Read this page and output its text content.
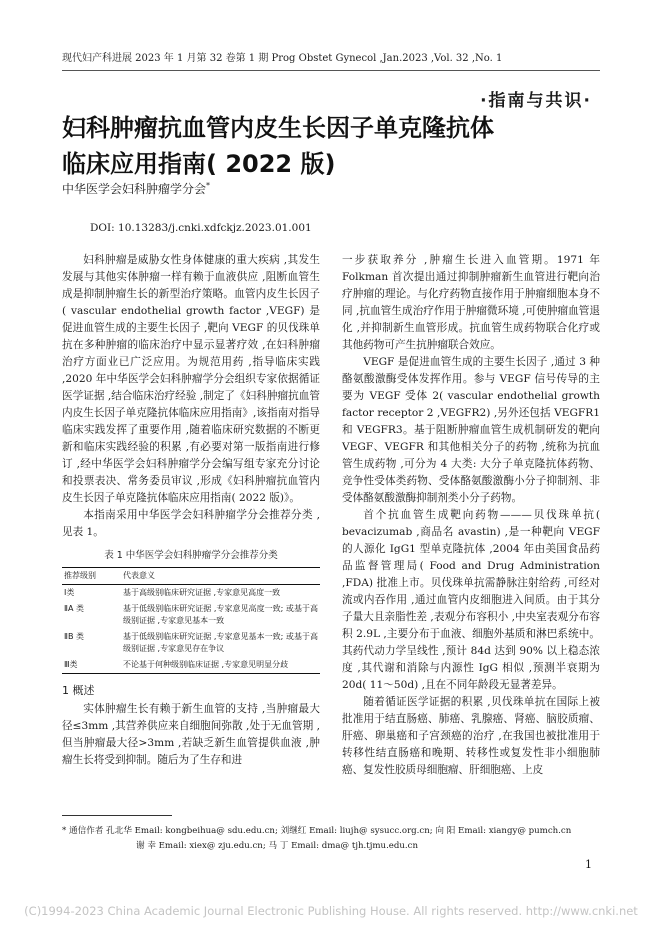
现代妇产科进展 2023 年 1 月第 32 卷第 1 期 Prog Obstet Gynecol ,Jan.2023 ,Vol. 32 ,No. 1
·指南与共识·
妇科肿瘤抗血管内皮生长因子单克隆抗体
临床应用指南( 2022 版)
中华医学会妇科肿瘤学分会*
DOI: 10.13283/j.cnki.xdfckjz.2023.01.001

妇科肿瘤是威胁女性身体健康的重大疾病 ,其发生发展与其他实体肿瘤一样有赖于血液供应 ,阻断血管生成是抑制肿瘤生长的新型治疗策略。血管内皮生长因子( vascular endothelial growth factor ,VEGF) 是促进血管生成的主要生长因子 ,靶向 VEGF 的贝伐珠单抗在多种肿瘤的临床治疗中显示显著疗效 ,在妇科肿瘤治疗方面业已广泛应用。为规范用药 ,指导临床实践 ,2020 年中华医学会妇科肿瘤学分会组织专家依据循证医学证据 ,结合临床治疗经验 ,制定了《妇科肿瘤抗血管内皮生长因子单克隆抗体临床应用指南》,该指南对指导临床实践发挥了重要作用 ,随着临床研究数据的不断更新和临床实践经验的积累 ,有必要对第一版指南进行修订 ,经中华医学会妇科肿瘤学分会编写组专家充分讨论和投票表决、常务委员审议 ,形成《妇科肿瘤抗血管内皮生长因子单克隆抗体临床应用指南( 2022 版)》。

本指南采用中华医学会妇科肿瘤学分会推荐分类 ,见表 1。

表 1 中华医学会妇科肿瘤学分会推荐分类
推荐级别	代表意义
Ⅰ类	基于高级别临床研究证据 ,专家意见高度一致
ⅡA 类	基于低级别临床研究证据 ,专家意见高度一致; 或基于高级别证据 ,专家意见基本一致
ⅡB 类	基于低级别临床研究证据 ,专家意见基本一致; 或基于高级别证据 ,专家意见存在争议
Ⅲ类	不论基于何种级别临床证据 ,专家意见明显分歧
1 概述

实体肿瘤生长有赖于新生血管的支持 ,当肿瘤最大径≤3mm ,其营养供应来自细胞间弥散 ,处于无血管期 ,但当肿瘤最大径>3mm ,若缺乏新生血管提供血液 ,肿瘤生长将受到抑制。随后为了生存和进

一步获取养分 ,肿瘤生长进入血管期。1971 年 Folkman 首次提出通过抑制肿瘤新生血管进行靶向治疗肿瘤的理论。与化疗药物直接作用于肿瘤细胞本身不同 ,抗血管生成治疗作用于肿瘤微环境 ,可使肿瘤血管退化 ,并抑制新生血管形成。抗血管生成药物联合化疗或其他药物可产生抗肿瘤联合效应。

VEGF 是促进血管生成的主要生长因子 ,通过 3 种酪氨酸激酶受体发挥作用。参与 VEGF 信号传导的主要为 VEGF 受体 2( vascular endothelial growth factor receptor 2 ,VEGFR2) ,另外还包括 VEGFR1 和 VEGFR3。基于阻断肿瘤血管生成机制研发的靶向 VEGF、VEGFR 和其他相关分子的药物 ,统称为抗血管生成药物 ,可分为 4 大类: 大分子单克隆抗体药物、竞争性受体类药物、受体酪氨酸激酶小分子抑制剂、非受体酪氨酸激酶抑制剂类小分子药物。

首个抗血管生成靶向药物———贝伐珠单抗( bevacizumab ,商品名 avastin) ,是一种靶向 VEGF 的人源化 IgG1 型单克隆抗体 ,2004 年由美国食品药品监督管理局( Food and Drug Administration ,FDA) 批准上市。贝伐珠单抗需静脉注射给药 ,可经对流或内吞作用 ,通过血管内皮细胞进入间质。由于其分子量大且亲脂性差 ,表观分布容积小 ,中央室表观分布容积 2.9L ,主要分布于血液、细胞外基质和淋巴系统中。其药代动力学呈线性 ,预计 84d 达到 90% 以上稳态浓度 ,其代谢和消除与内源性 IgG 相似 ,预测半衰期为 20d( 11～50d) ,且在不同年龄段无显著差异。

随着循证医学证据的积累 ,贝伐珠单抗在国际上被批准用于结直肠癌、肺癌、乳腺癌、肾癌、脑胶质瘤、肝癌、卵巢癌和子宫颈癌的治疗 ,在我国也被批准用于转移性结直肠癌和晚期、转移性或复发性非小细胞肺癌、复发性胶质母细胞瘤、肝细胞癌、上皮

* 通信作者 孔北华 Email: kongbeihua@ sdu.edu.cn; 刘继红 Email: liujh@ sysucc.org.cn; 向 阳 Email: xiangy@ pumch.cn
谢 幸 Email: xiex@ zju.edu.cn; 马 丁 Email: dma@ tjh.tjmu.edu.cn
1
(C)1994-2023 China Academic Journal Electronic Publishing House. All rights reserved. http://www.cnki.net
